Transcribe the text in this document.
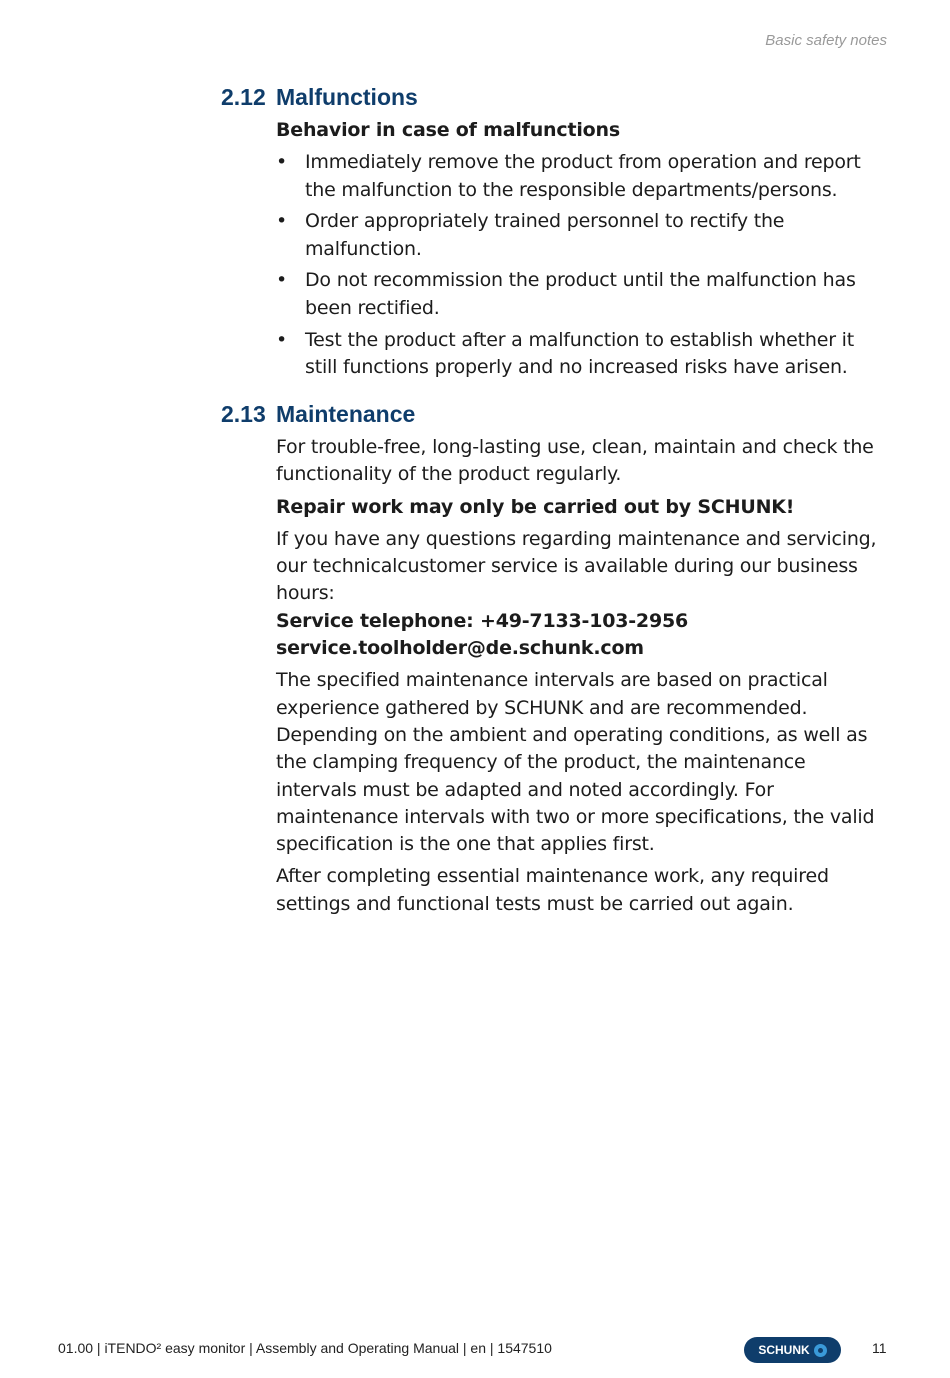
Basic safety notes
2.12 Malfunctions

Behavior in case of malfunctions

• Immediately remove the product from operation and report the malfunction to the responsible departments/persons.
• Order appropriately trained personnel to rectify the malfunction.
• Do not recommission the product until the malfunction has been rectified.
• Test the product after a malfunction to establish whether it still functions properly and no increased risks have arisen.
2.13 Maintenance

For trouble-free, long-lasting use, clean, maintain and check the functionality of the product regularly.

Repair work may only be carried out by SCHUNK!

If you have any questions regarding maintenance and servicing, our technicalcustomer service is available during our business hours:

Service telephone: +49-7133-103-2956

service.toolholder@de.schunk.com

The specified maintenance intervals are based on practical experience gathered by SCHUNK and are recommended. Depending on the ambient and operating conditions, as well as the clamping frequency of the product, the maintenance intervals must be adapted and noted accordingly. For maintenance intervals with two or more specifications, the valid specification is the one that applies first.

After completing essential maintenance work, any required settings and functional tests must be carried out again.

01.00 | iTENDO² easy monitor | Assembly and Operating Manual | en | 1547510	SCHUNK	11
